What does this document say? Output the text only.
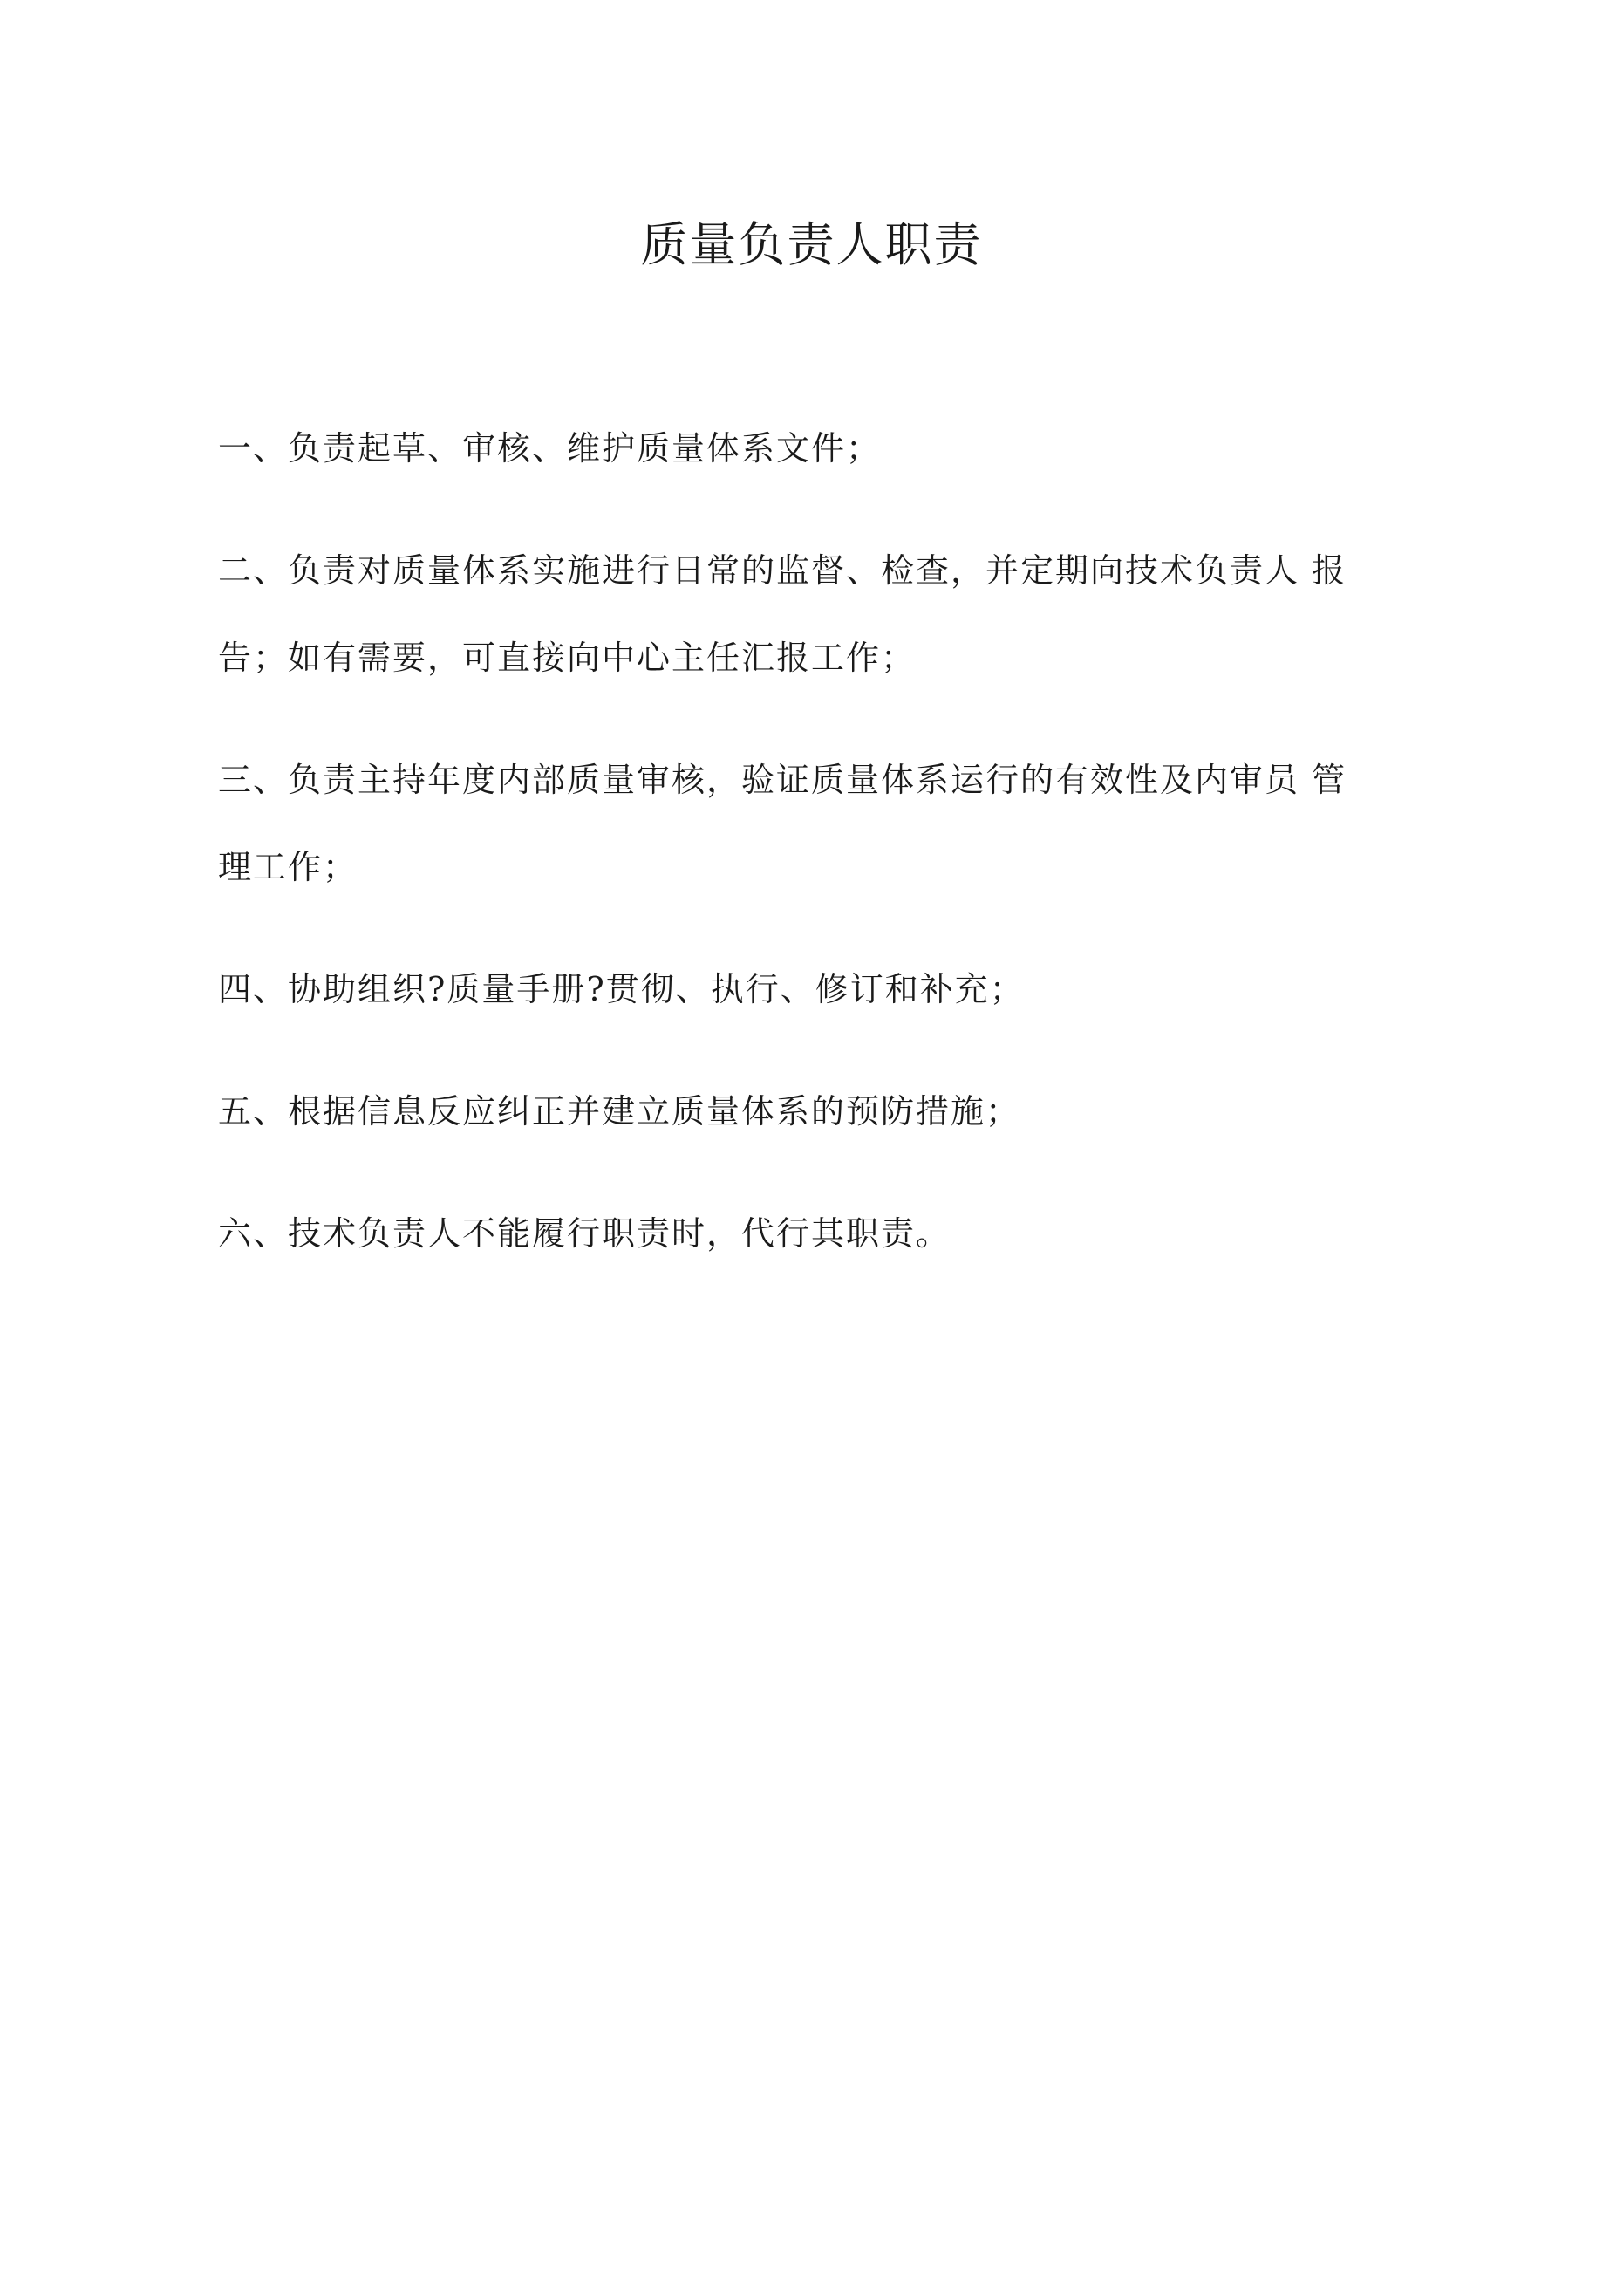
质量负责人职责

一、负责起草、审核、维护质量体系文件；

二、负责对质量体系实施进行日常的监督、检查，并定期向技术负责人 报
告；如有需要，可直接向中心主任汇报工作；

三、负责主持年度内部质量审核，验证质量体系运行的有效性及内审员 管
理工作；

四、协助组织?质量手册?贯彻、执行、修订和补充；

五、根据信息反应纠正并建立质量体系的预防措施；

六、技术负责人不能履行职责时，代行其职责。
